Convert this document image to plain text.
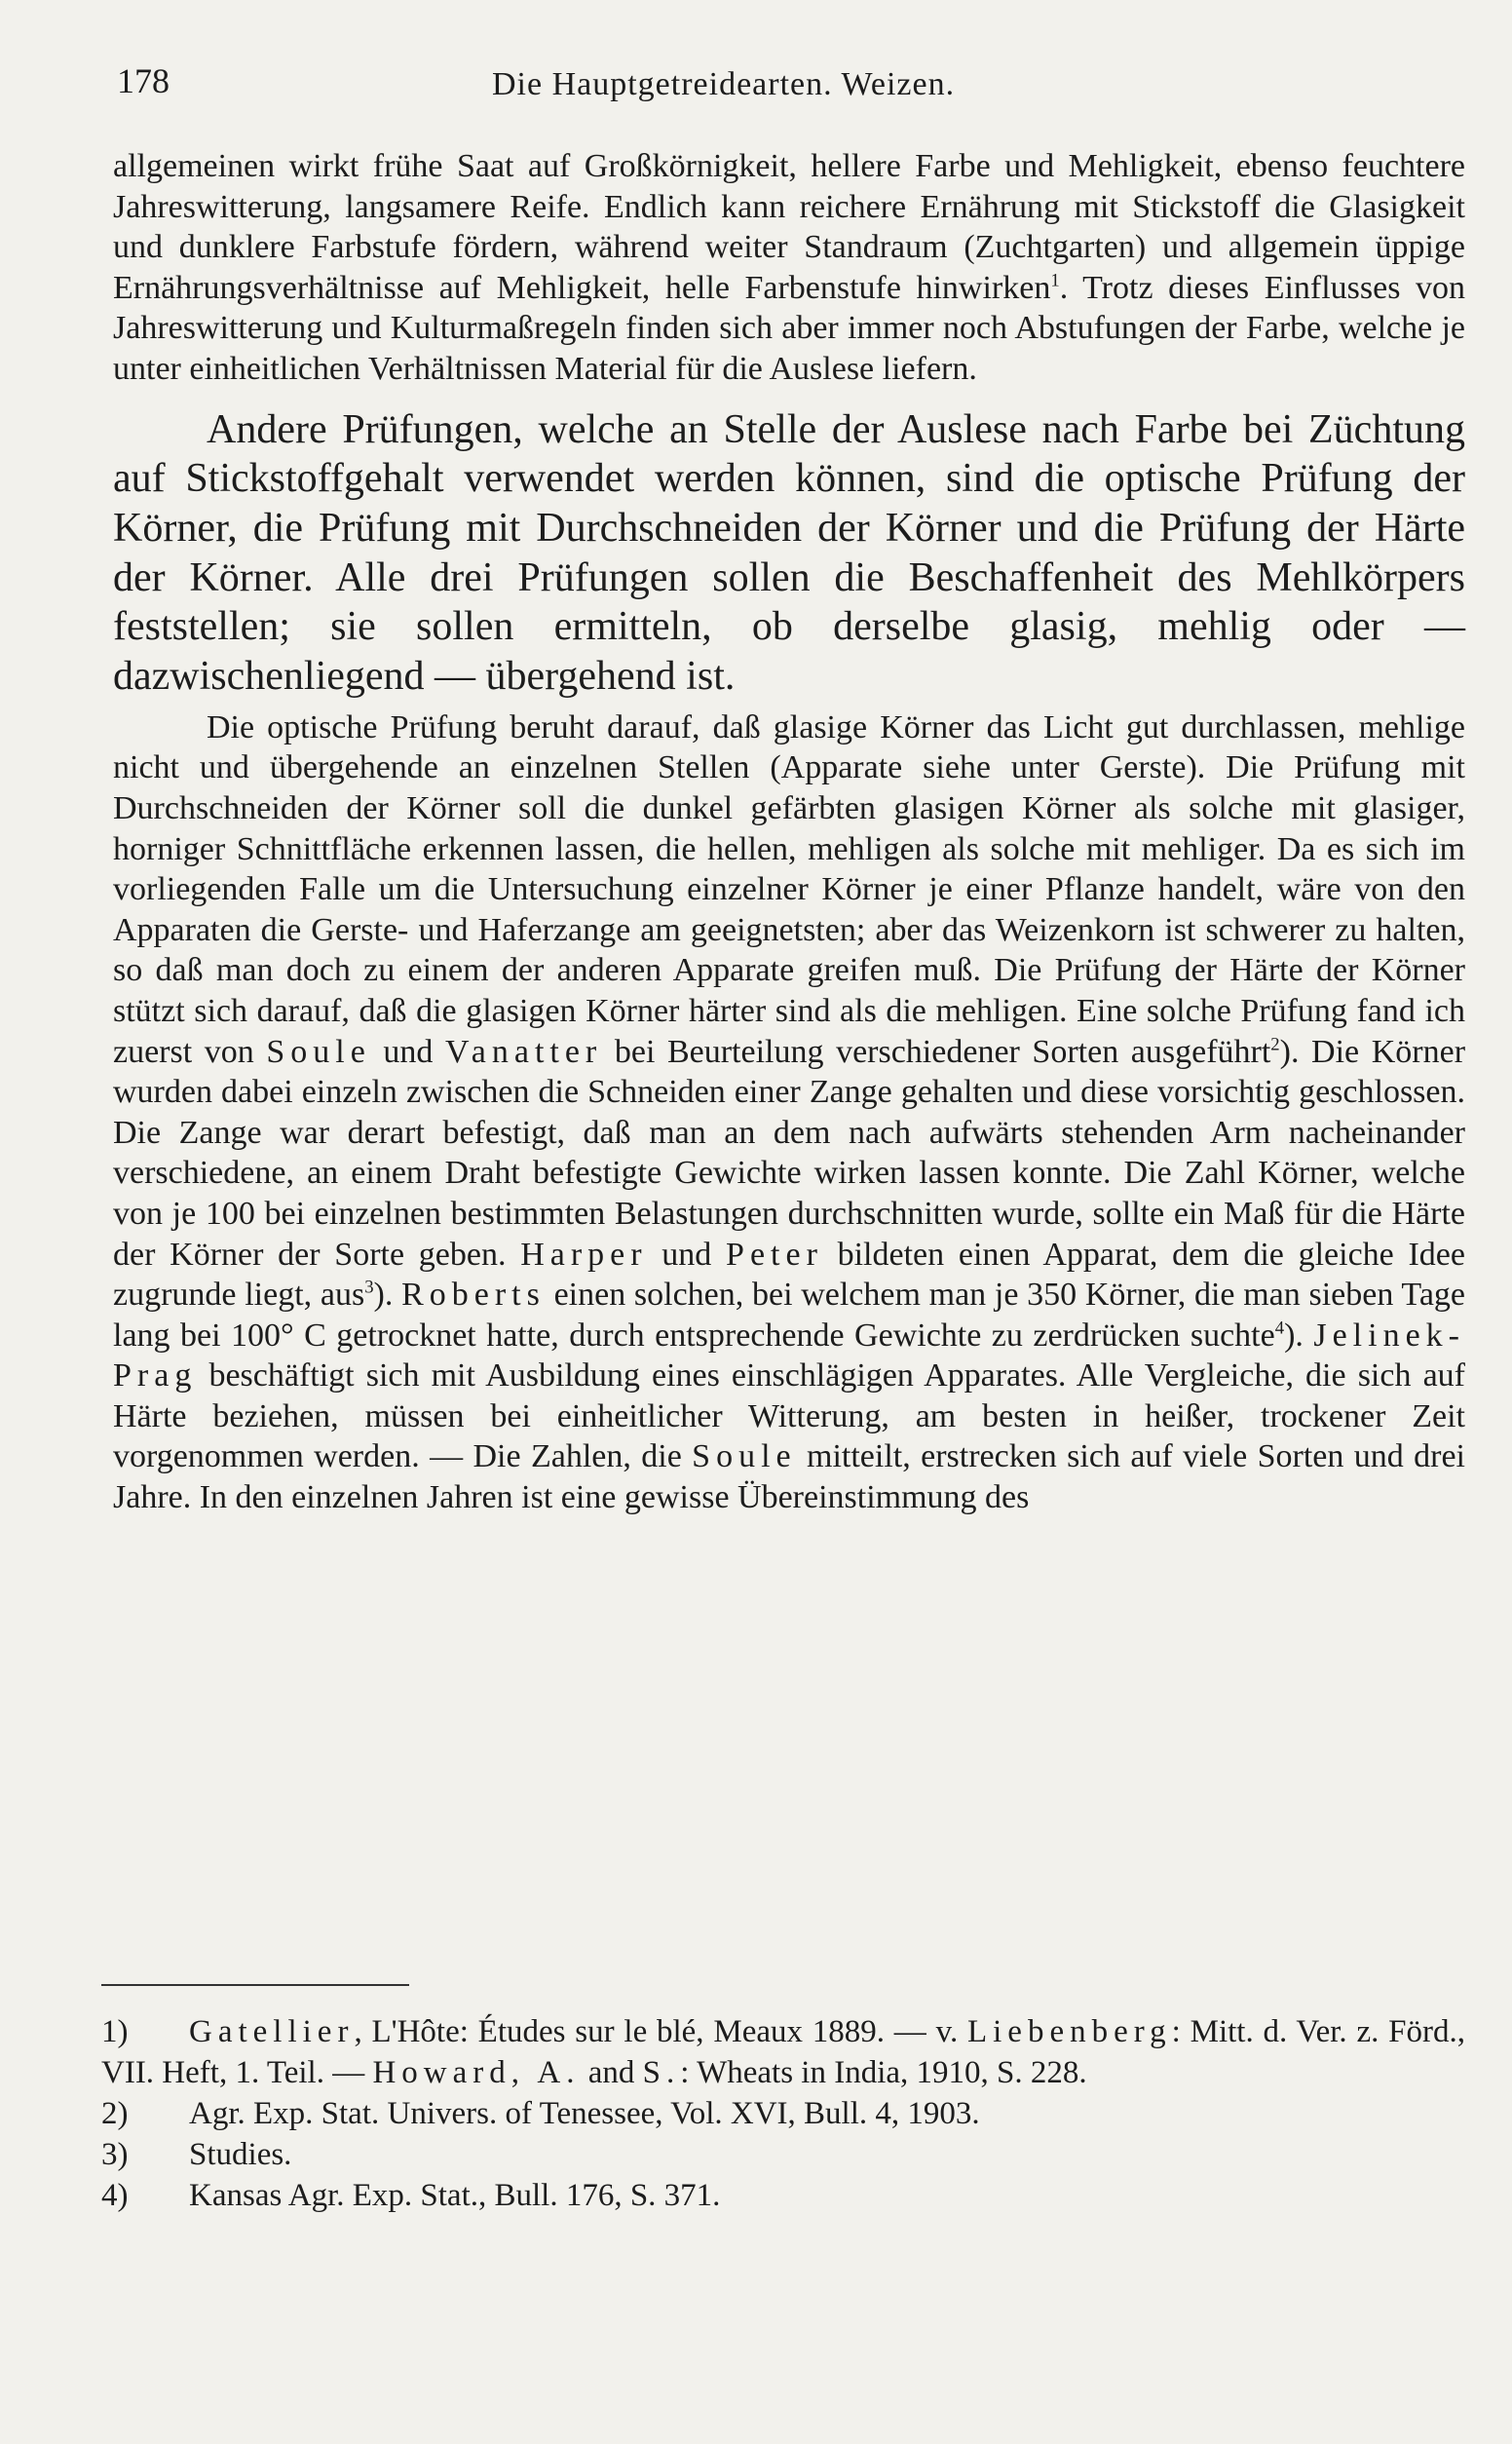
178	Die Hauptgetreidearten. Weizen.

allgemeinen wirkt frühe Saat auf Großkörnigkeit, hellere Farbe und Mehligkeit, ebenso feuchtere Jahreswitterung, langsamere Reife. Endlich kann reichere Ernährung mit Stickstoff die Glasigkeit und dunklere Farbstufe fördern, während weiter Standraum (Zuchtgarten) und allgemein üppige Ernährungsverhältnisse auf Mehligkeit, helle Farbenstufe hinwirken$^1$. Trotz dieses Einflusses von Jahreswitterung und Kulturmaßregeln finden sich aber immer noch Abstufungen der Farbe, welche je unter einheitlichen Verhältnissen Material für die Auslese liefern.

Andere Prüfungen, welche an Stelle der Auslese nach Farbe bei Züchtung auf Stickstoffgehalt verwendet werden können, sind die optische Prüfung der Körner, die Prüfung mit Durchschneiden der Körner und die Prüfung der Härte der Körner. Alle drei Prüfungen sollen die Beschaffenheit des Mehlkörpers feststellen; sie sollen ermitteln, ob derselbe glasig, mehlig oder — dazwischenliegend — übergehend ist.

Die optische Prüfung beruht darauf, daß glasige Körner das Licht gut durchlassen, mehlige nicht und übergehende an einzelnen Stellen (Apparate siehe unter Gerste). Die Prüfung mit Durchschneiden der Körner soll die dunkel gefärbten glasigen Körner als solche mit glasiger, horniger Schnittfläche erkennen lassen, die hellen, mehligen als solche mit mehliger. Da es sich im vorliegenden Falle um die Untersuchung einzelner Körner je einer Pflanze handelt, wäre von den Apparaten die Gerste- und Haferzange am geeignetsten; aber das Weizenkorn ist schwerer zu halten, so daß man doch zu einem der anderen Apparate greifen muß. Die Prüfung der Härte der Körner stützt sich darauf, daß die glasigen Körner härter sind als die mehligen. Eine solche Prüfung fand ich zuerst von Soule und Vanatter bei Beurteilung verschiedener Sorten ausgeführt$^2$). Die Körner wurden dabei einzeln zwischen die Schneiden einer Zange gehalten und diese vorsichtig geschlossen. Die Zange war derart befestigt, daß man an dem nach aufwärts stehenden Arm nacheinander verschiedene, an einem Draht befestigte Gewichte wirken lassen konnte. Die Zahl Körner, welche von je 100 bei einzelnen bestimmten Belastungen durchschnitten wurde, sollte ein Maß für die Härte der Körner der Sorte geben. Harper und Peter bildeten einen Apparat, dem die gleiche Idee zugrunde liegt, aus$^3$). Roberts einen solchen, bei welchem man je 350 Körner, die man sieben Tage lang bei 100° C getrocknet hatte, durch entsprechende Gewichte zu zerdrücken suchte$^4$). Jelinek-Prag beschäftigt sich mit Ausbildung eines einschlägigen Apparates. Alle Vergleiche, die sich auf Härte beziehen, müssen bei einheitlicher Witterung, am besten in heißer, trockener Zeit vorgenommen werden. — Die Zahlen, die Soule mitteilt, erstrecken sich auf viele Sorten und drei Jahre. In den einzelnen Jahren ist eine gewisse Übereinstimmung des

1) Gatellier, L'Hôte: Études sur le blé, Meaux 1889. — v. Liebenberg: Mitt. d. Ver. z. Förd., VII. Heft, 1. Teil. — Howard, A. and S.: Wheats in India, 1910, S. 228.

2) Agr. Exp. Stat. Univers. of Tenessee, Vol. XVI, Bull. 4, 1903.

3) Studies.

4) Kansas Agr. Exp. Stat., Bull. 176, S. 371.
